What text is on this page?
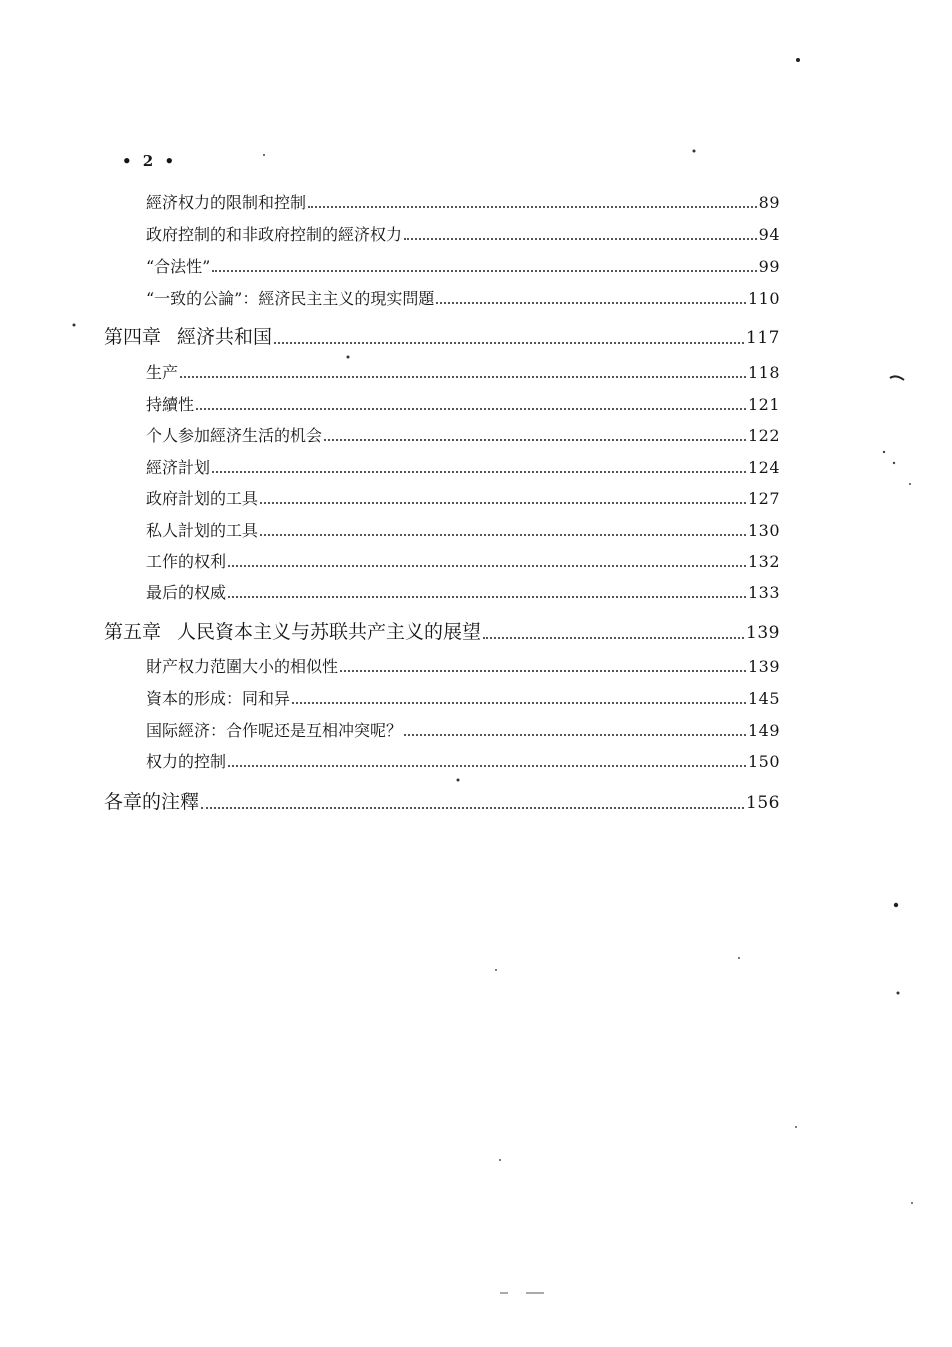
• 2 •
經济权力的限制和控制	89
政府控制的和非政府控制的經济权力	94
“合法性”	99
“一致的公論”：經济民主主义的現实問題	110
第四章 經济共和国	117
生产	118
持續性	121
个人参加經济生活的机会	122
經济計划	124
政府計划的工具	127
私人計划的工具	130
工作的权利	132
最后的权威	133
第五章 人民資本主义与苏联共产主义的展望	139
財产权力范圍大小的相似性	139
資本的形成：同和异	145
国际經济：合作呢还是互相冲突呢？	149
权力的控制	150
各章的注釋	156
